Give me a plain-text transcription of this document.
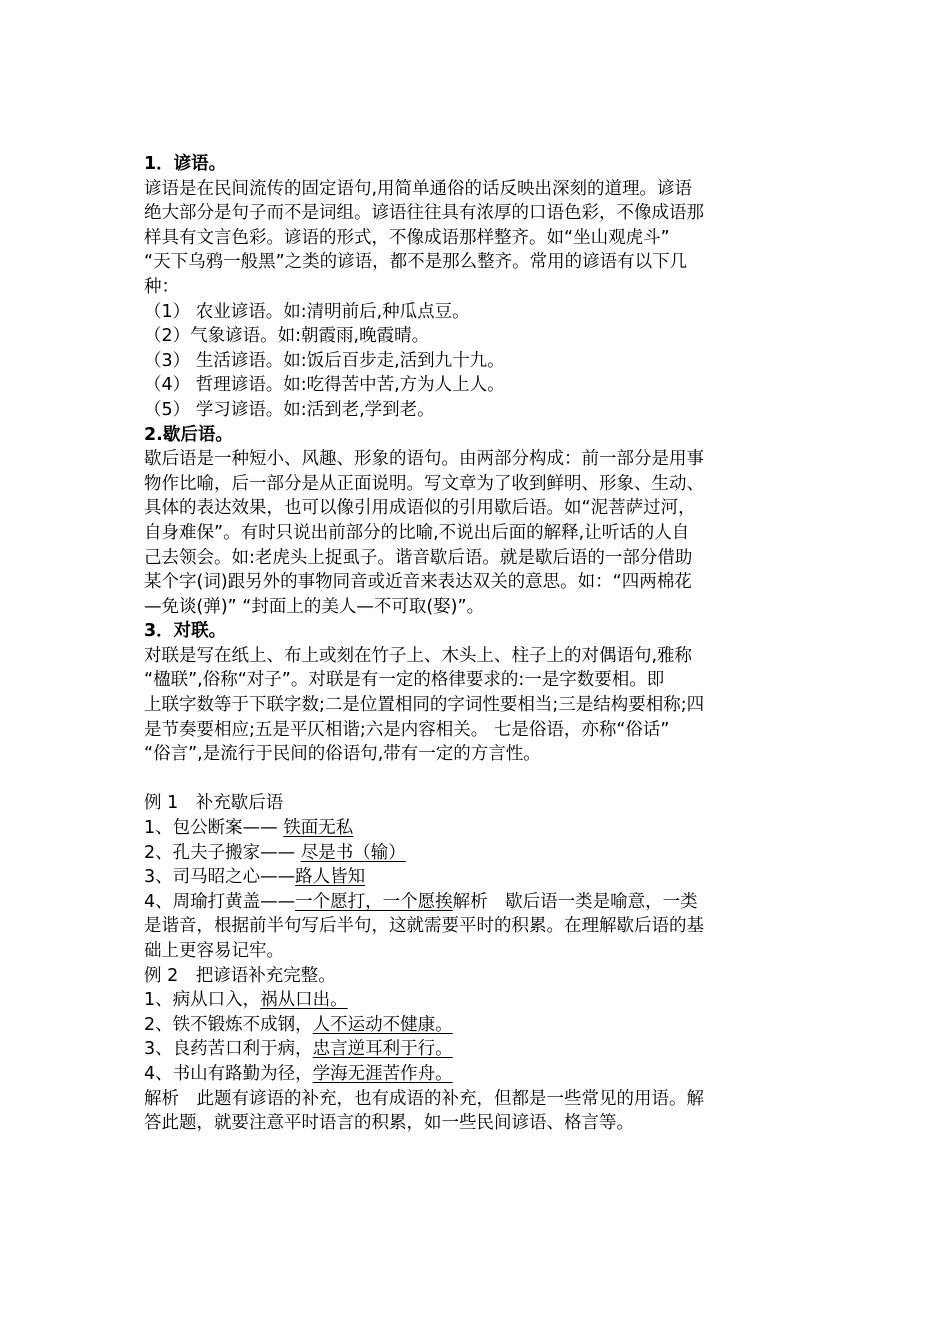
1．谚语。
谚语是在民间流传的固定语句,用简单通俗的话反映出深刻的道理。谚语
绝大部分是句子而不是词组。谚语往往具有浓厚的口语色彩，不像成语那
样具有文言色彩。谚语的形式，不像成语那样整齐。如“坐山观虎斗”
“天下乌鸦一般黑”之类的谚语，都不是那么整齐。常用的谚语有以下几
种：
（1） 农业谚语。如:清明前后,种瓜点豆。
（2）气象谚语。如:朝霞雨,晚霞晴。
（3） 生活谚语。如:饭后百步走,活到九十九。
（4） 哲理谚语。如:吃得苦中苦,方为人上人。
（5） 学习谚语。如:活到老,学到老。
2.歇后语。
歇后语是一种短小、风趣、形象的语句。由两部分构成：前一部分是用事
物作比喻，后一部分是从正面说明。写文章为了收到鲜明、形象、生动、
具体的表达效果，也可以像引用成语似的引用歇后语。如“泥菩萨过河，
自身难保”。有时只说出前部分的比喻,不说出后面的解释,让听话的人自
己去领会。如:老虎头上捉虱子。谐音歇后语。就是歇后语的一部分借助
某个字(词)跟另外的事物同音或近音来表达双关的意思。如：“四两棉花
—免谈(弹)” “封面上的美人—不可取(娶)”。
3．对联。
对联是写在纸上、布上或刻在竹子上、木头上、柱子上的对偶语句,雅称
“楹联”,俗称“对子”。对联是有一定的格律要求的:一是字数要相。即
上联字数等于下联字数;二是位置相同的字词性要相当;三是结构要相称;四
是节奏要相应;五是平仄相谐;六是内容相关。 七是俗语，亦称“俗话”
“俗言”,是流行于民间的俗语句,带有一定的方言性。
例 1　补充歇后语
1、包公断案—— 铁面无私
2、孔夫子搬家—— 尽是书（输）
3、司马昭之心——路人皆知
4、周瑜打黄盖——一个愿打，一个愿挨解析　歇后语一类是喻意，一类
是谐音，根据前半句写后半句，这就需要平时的积累。在理解歇后语的基
础上更容易记牢。
例 2　把谚语补充完整。
1、病从口入，祸从口出。
2、铁不锻炼不成钢，人不运动不健康。
3、良药苦口利于病，忠言逆耳利于行。
4、书山有路勤为径，学海无涯苦作舟。
解析　此题有谚语的补充，也有成语的补充，但都是一些常见的用语。解
答此题，就要注意平时语言的积累，如一些民间谚语、格言等。
